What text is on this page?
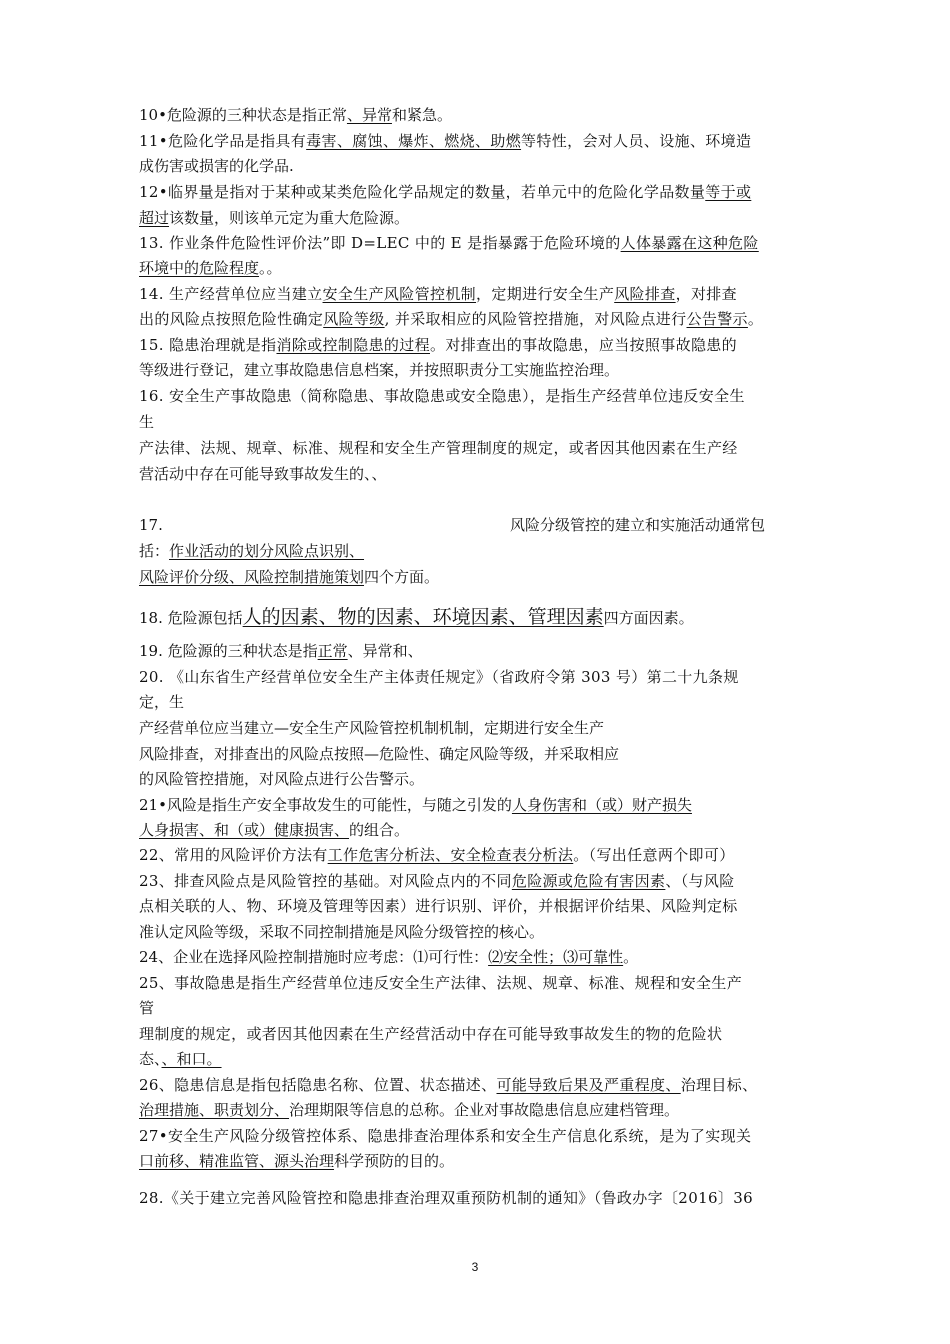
10•危险源的三种状态是指正常、异常和紧急。
11•危险化学品是指具有毒害、腐蚀、爆炸、燃烧、助燃等特性，会对人员、设施、环境造
成伤害或损害的化学品.
12•临界量是指对于某种或某类危险化学品规定的数量，若单元中的危险化学品数量等于或
超过该数量，则该单元定为重大危险源。
13. 作业条件危险性评价法”即 D=LEC 中的 E 是指暴露于危险环境的人体暴露在这种危险
环境中的危险程度。。
14. 生产经营单位应当建立安全生产风险管控机制，定期进行安全生产风险排查，对排查
出的风险点按照危险性确定风险等级, 并采取相应的风险管控措施，对风险点进行公告警示。
15. 隐患治理就是指消除或控制隐患的过程。对排查出的事故隐患，应当按照事故隐患的
等级进行登记，建立事故隐患信息档案，并按照职责分工实施监控治理。
16. 安全生产事故隐患（简称隐患、事故隐患或安全隐患），是指生产经营单位违反安全生
生
产法律、法规、规章、标准、规程和安全生产管理制度的规定，或者因其他因素在生产经
营活动中存在可能导致事故发生的、、
17.
括：作业活动的划分风险点识别、
风险评价分级、风险控制措施策划四个方面。
18. 危险源包括人的因素、物的因素、环境因素、管理因素四方面因素。
19. 危险源的三种状态是指正常、异常和、
20. 《山东省生产经营单位安全生产主体责任规定》（省政府令第 303 号）第二十九条规
定，生
产经营单位应当建立—安全生产风险管控机制机制，定期进行安全生产
风险排查，对排查出的风险点按照—危险性、确定风险等级，并采取相应
的风险管控措施，对风险点进行公告警示。
21•风险是指生产安全事故发生的可能性，与随之引发的人身伤害和（或）财产损失
人身损害、和（或）健康损害、的组合。
22、常用的风险评价方法有工作危害分析法、安全检查表分析法。（写出任意两个即可）
23、排查风险点是风险管控的基础。对风险点内的不同危险源或危险有害因素、（与风险
点相关联的人、物、环境及管理等因素）进行识别、评价，并根据评价结果、风险判定标
准认定风险等级，采取不同控制措施是风险分级管控的核心。
24、企业在选择风险控制措施时应考虑：⑴可行性：⑵安全性；⑶可靠性。
25、事故隐患是指生产经营单位违反安全生产法律、法规、规章、标准、规程和安全生产
管
理制度的规定，或者因其他因素在生产经营活动中存在可能导致事故发生的物的危险状
态、、和口。
26、隐患信息是指包括隐患名称、位置、状态描述、可能导致后果及严重程度、治理目标、
治理措施、职责划分、治理期限等信息的总称。企业对事故隐患信息应建档管理。
27•安全生产风险分级管控体系、隐患排查治理体系和安全生产信息化系统，是为了实现关
口前移、精准监管、源头治理科学预防的目的。
28.《关于建立完善风险管控和隐患排查治理双重预防机制的通知》（鲁政办字〔2016〕36
风险分级管控的建立和实施活动通常包
3
